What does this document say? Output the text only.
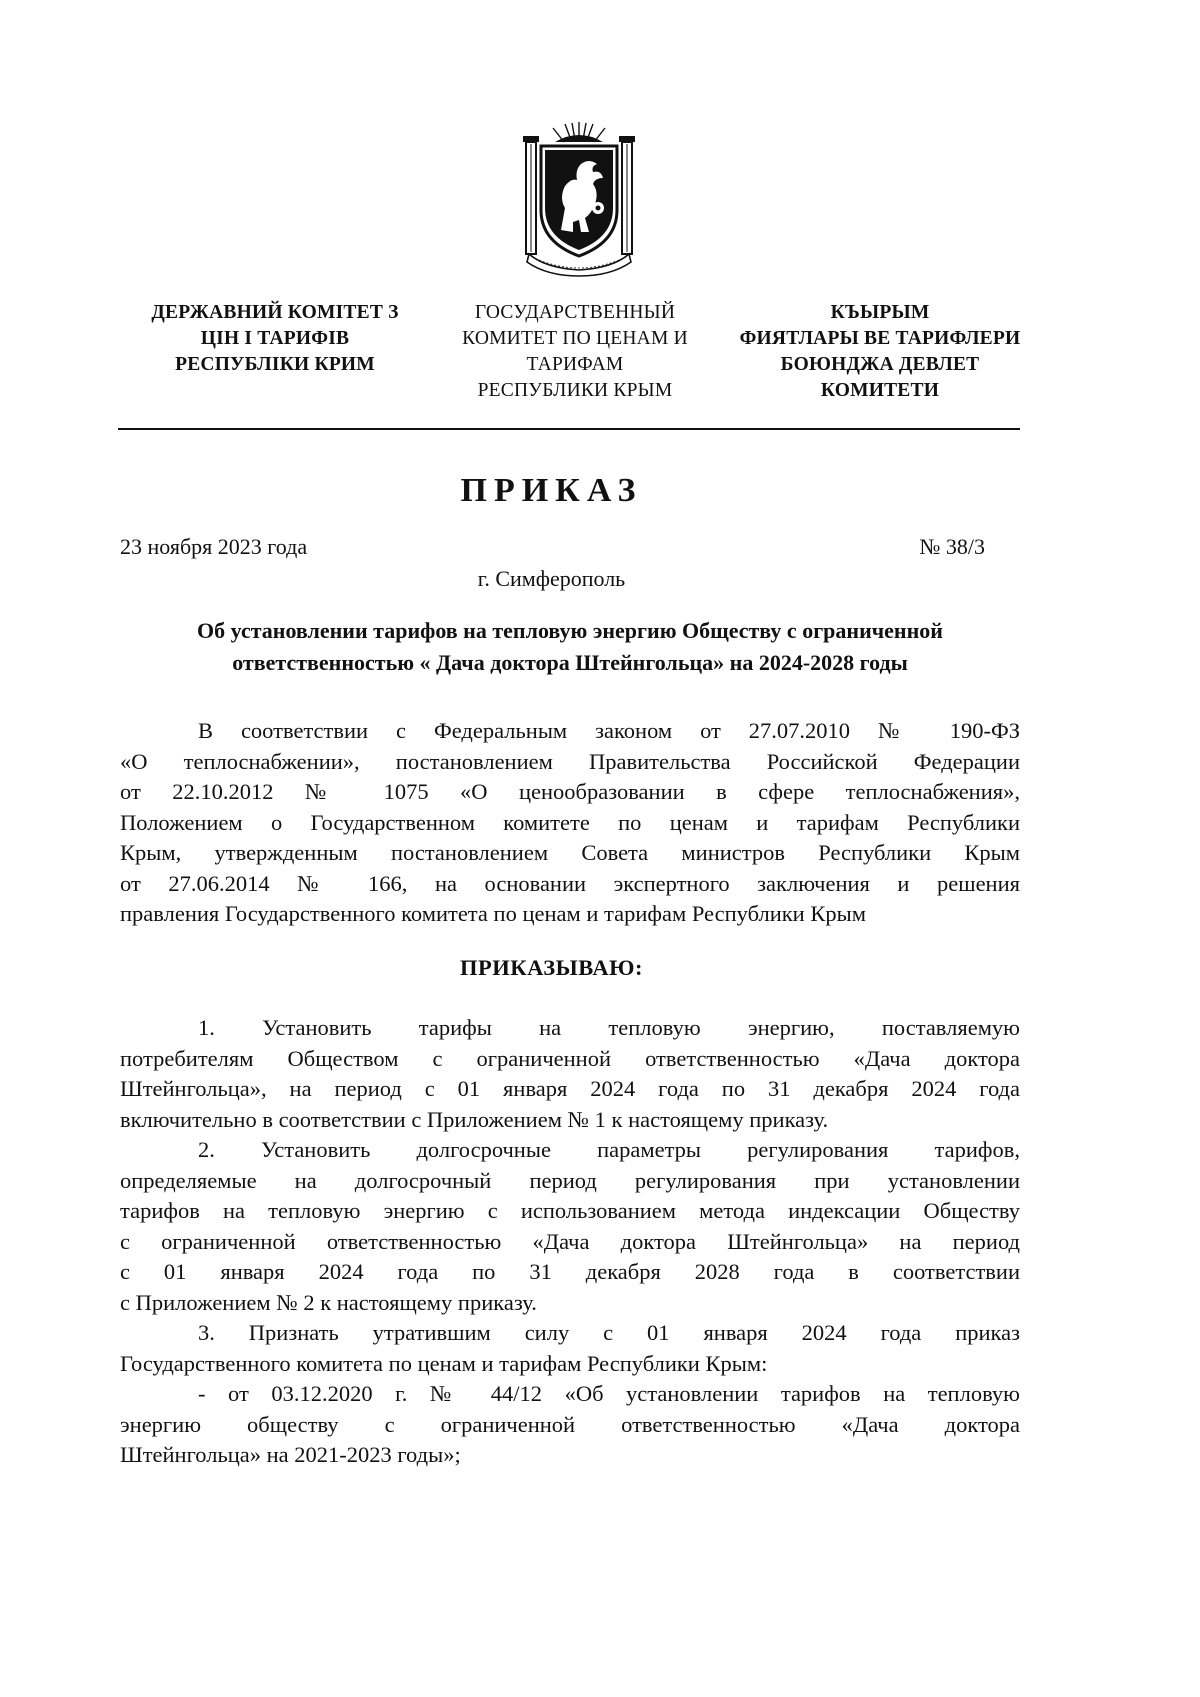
ДЕРЖАВНИЙ КОМІТЕТ З
ЦІН І ТАРИФІВ
РЕСПУБЛІКИ КРИМ
ГОСУДАРСТВЕННЫЙ
КОМИТЕТ ПО ЦЕНАМ И
ТАРИФАМ
РЕСПУБЛИКИ КРЫМ
КЪЫРЫМ
ФИЯТЛАРЫ ВЕ ТАРИФЛЕРИ
БОЮНДЖА ДЕВЛЕТ
КОМИТЕТИ
ПРИКАЗ
23 ноября 2023 года	№ 38/3
г. Симферополь
Об установлении тарифов на тепловую энергию Обществу с ограниченной
ответственностью « Дача доктора Штейнгольца» на 2024-2028 годы
В соответствии с Федеральным законом от 27.07.2010 № 190-ФЗ
«О теплоснабжении», постановлением Правительства Российской Федерации
от 22.10.2012 № 1075 «О ценообразовании в сфере теплоснабжения»,
Положением о Государственном комитете по ценам и тарифам Республики
Крым, утвержденным постановлением Совета министров Республики Крым
от 27.06.2014 № 166, на основании экспертного заключения и решения
правления Государственного комитета по ценам и тарифам Республики Крым
ПРИКАЗЫВАЮ:
1. Установить тарифы на тепловую энергию, поставляемую
потребителям Обществом с ограниченной ответственностью «Дача доктора
Штейнгольца», на период с 01 января 2024 года по 31 декабря 2024 года
включительно в соответствии с Приложением № 1 к настоящему приказу.
2. Установить долгосрочные параметры регулирования тарифов,
определяемые на долгосрочный период регулирования при установлении
тарифов на тепловую энергию с использованием метода индексации Обществу
с ограниченной ответственностью «Дача доктора Штейнгольца» на период
с 01 января 2024 года по 31 декабря 2028 года в соответствии
с Приложением № 2 к настоящему приказу.
3. Признать утратившим силу с 01 января 2024 года приказ
Государственного комитета по ценам и тарифам Республики Крым:
- от 03.12.2020 г. № 44/12 «Об установлении тарифов на тепловую
энергию обществу с ограниченной ответственностью «Дача доктора
Штейнгольца» на 2021-2023 годы»;
